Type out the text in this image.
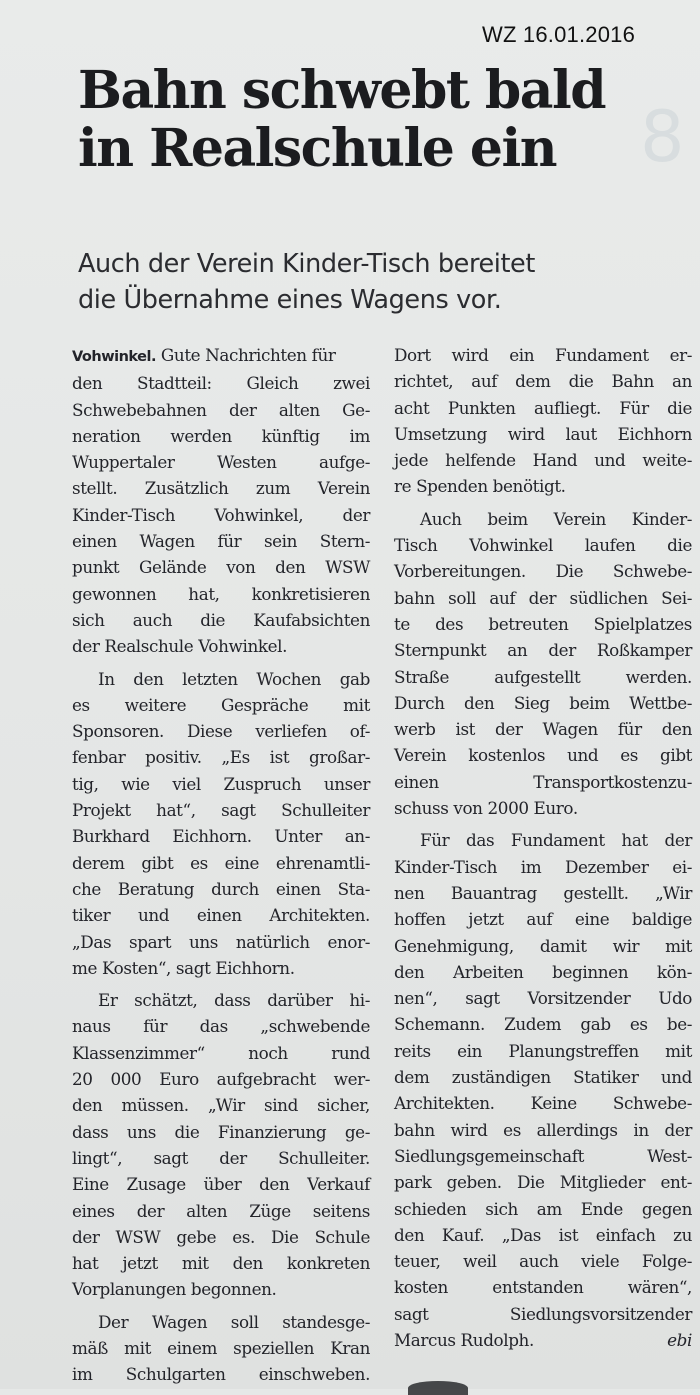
8
WZ 16.01.2016
Bahn schwebt bald
in Realschule ein
Auch der Verein Kinder-Tisch bereitet
die Übernahme eines Wagens vor.
Vohwinkel. Gute Nachrichten für
den Stadtteil: Gleich zwei
Schwebebahnen der alten Ge-
neration werden künftig im
Wuppertaler Westen aufge-
stellt. Zusätzlich zum Verein
Kinder-Tisch Vohwinkel, der
einen Wagen für sein Stern-
punkt Gelände von den WSW
gewonnen hat, konkretisieren
sich auch die Kaufabsichten
der Realschule Vohwinkel.
In den letzten Wochen gab
es weitere Gespräche mit
Sponsoren. Diese verliefen of-
fenbar positiv. „Es ist großar-
tig, wie viel Zuspruch unser
Projekt hat“, sagt Schulleiter
Burkhard Eichhorn. Unter an-
derem gibt es eine ehrenamtli-
che Beratung durch einen Sta-
tiker und einen Architekten.
„Das spart uns natürlich enor-
me Kosten“, sagt Eichhorn.
Er schätzt, dass darüber hi-
naus für das „schwebende
Klassenzimmer“ noch rund
20 000 Euro aufgebracht wer-
den müssen. „Wir sind sicher,
dass uns die Finanzierung ge-
lingt“, sagt der Schulleiter.
Eine Zusage über den Verkauf
eines der alten Züge seitens
der WSW gebe es. Die Schule
hat jetzt mit den konkreten
Vorplanungen begonnen.
Der Wagen soll standesge-
mäß mit einem speziellen Kran
im Schulgarten einschweben.
Dort wird ein Fundament er-
richtet, auf dem die Bahn an
acht Punkten aufliegt. Für die
Umsetzung wird laut Eichhorn
jede helfende Hand und weite-
re Spenden benötigt.
Auch beim Verein Kinder-
Tisch Vohwinkel laufen die
Vorbereitungen. Die Schwebe-
bahn soll auf der südlichen Sei-
te des betreuten Spielplatzes
Sternpunkt an der Roßkamper
Straße aufgestellt werden.
Durch den Sieg beim Wettbe-
werb ist der Wagen für den
Verein kostenlos und es gibt
einen Transportkostenzu-
schuss von 2000 Euro.
Für das Fundament hat der
Kinder-Tisch im Dezember ei-
nen Bauantrag gestellt. „Wir
hoffen jetzt auf eine baldige
Genehmigung, damit wir mit
den Arbeiten beginnen kön-
nen“, sagt Vorsitzender Udo
Schemann. Zudem gab es be-
reits ein Planungstreffen mit
dem zuständigen Statiker und
Architekten. Keine Schwebe-
bahn wird es allerdings in der
Siedlungsgemeinschaft West-
park geben. Die Mitglieder ent-
schieden sich am Ende gegen
den Kauf. „Das ist einfach zu
teuer, weil auch viele Folge-
kosten entstanden wären“,
sagt Siedlungsvorsitzender
Marcus Rudolph.	ebi
